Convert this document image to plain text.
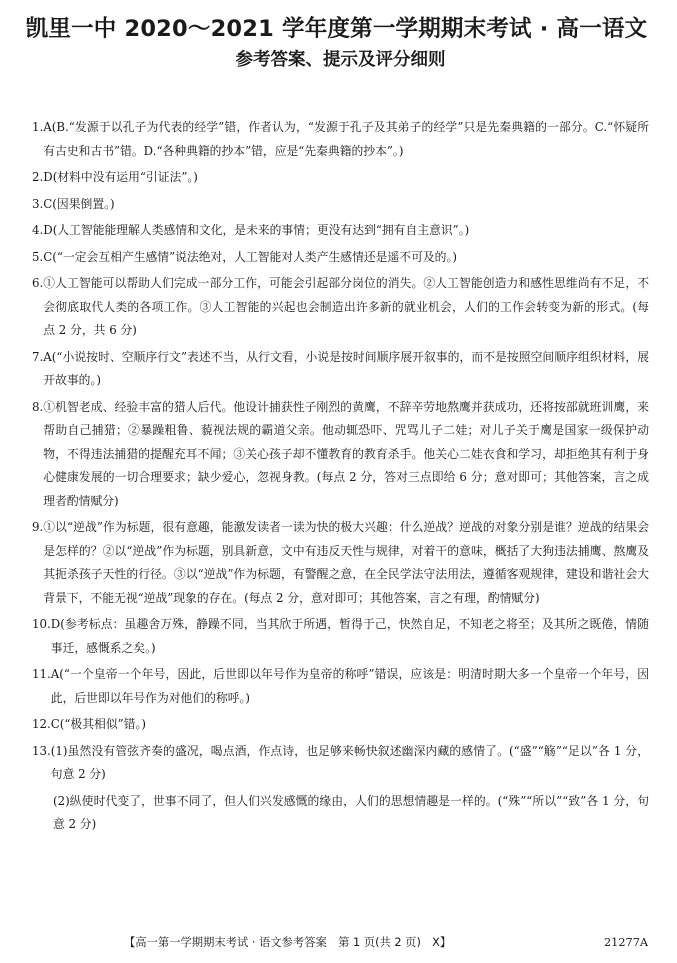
凯里一中 2020～2021 学年度第一学期期末考试 · 高一语文
参考答案、提示及评分细则
1. A(B.“发源于以孔子为代表的经学”错，作者认为，“发源于孔子及其弟子的经学”只是先秦典籍的一部分。C.“怀疑所有古史和古书”错。D.“各种典籍的抄本”错，应是“先秦典籍的抄本”。)
2. D(材料中没有运用“引证法”。)
3. C(因果倒置。)
4. D(人工智能能理解人类感情和文化，是未来的事情；更没有达到“拥有自主意识”。)
5. C(“一定会互相产生感情”说法绝对，人工智能对人类产生感情还是遥不可及的。)
6. ①人工智能可以帮助人们完成一部分工作，可能会引起部分岗位的消失。②人工智能创造力和感性思维尚有不足，不会彻底取代人类的各项工作。③人工智能的兴起也会制造出许多新的就业机会，人们的工作会转变为新的形式。(每点 2 分，共 6 分)
7. A(“小说按时、空顺序行文”表述不当，从行文看，小说是按时间顺序展开叙事的，而不是按照空间顺序组织材料，展开故事的。)
8. ①机智老成、经验丰富的猎人后代。他设计捕获性子刚烈的黄鹰，不辞辛劳地熬鹰并获成功，还将按部就班训鹰，来帮助自己捕猎；②暴躁粗鲁、藐视法规的霸道父亲。他动辄恐吓、咒骂儿子二娃；对儿子关于鹰是国家一级保护动物，不得违法捕猎的提醒充耳不闻；③关心孩子却不懂教育的教育杀手。他关心二娃衣食和学习，却拒绝其有利于身心健康发展的一切合理要求；缺少爱心，忽视身教。(每点 2 分，答对三点即给 6 分；意对即可；其他答案，言之成理者酌情赋分)
9. ①以“逆战”作为标题，很有意趣，能激发读者一读为快的极大兴趣：什么逆战？逆战的对象分别是谁？逆战的结果会是怎样的？②以“逆战”作为标题，别具新意，文中有违反天性与规律，对着干的意味，概括了大狗违法捕鹰、熬鹰及其扼杀孩子天性的行径。③以“逆战”作为标题，有警醒之意，在全民学法守法用法，遵循客观规律，建设和谐社会大背景下，不能无视“逆战”现象的存在。(每点 2 分，意对即可；其他答案，言之有理，酌情赋分)
10. D(参考标点：虽趣舍万殊，静躁不同，当其欣于所遇，暂得于己，快然自足，不知老之将至；及其所之既倦，情随事迁，感慨系之矣。)
11. A(“一个皇帝一个年号，因此，后世即以年号作为皇帝的称呼”错误，应该是：明清时期大多一个皇帝一个年号，因此，后世即以年号作为对他们的称呼。)
12. C(“极其相似”错。)
13. (1)虽然没有管弦齐奏的盛况，喝点酒，作点诗，也足够来畅快叙述幽深内藏的感情了。(“盛”“觞”“足以”各 1 分，句意 2 分)
(2)纵使时代变了，世事不同了，但人们兴发感慨的缘由，人们的思想情趣是一样的。(“殊”“所以”“致”各 1 分，句意 2 分)
【高一第一学期期末考试 · 语文参考答案　第 1 页(共 2 页)　X】	21277A
